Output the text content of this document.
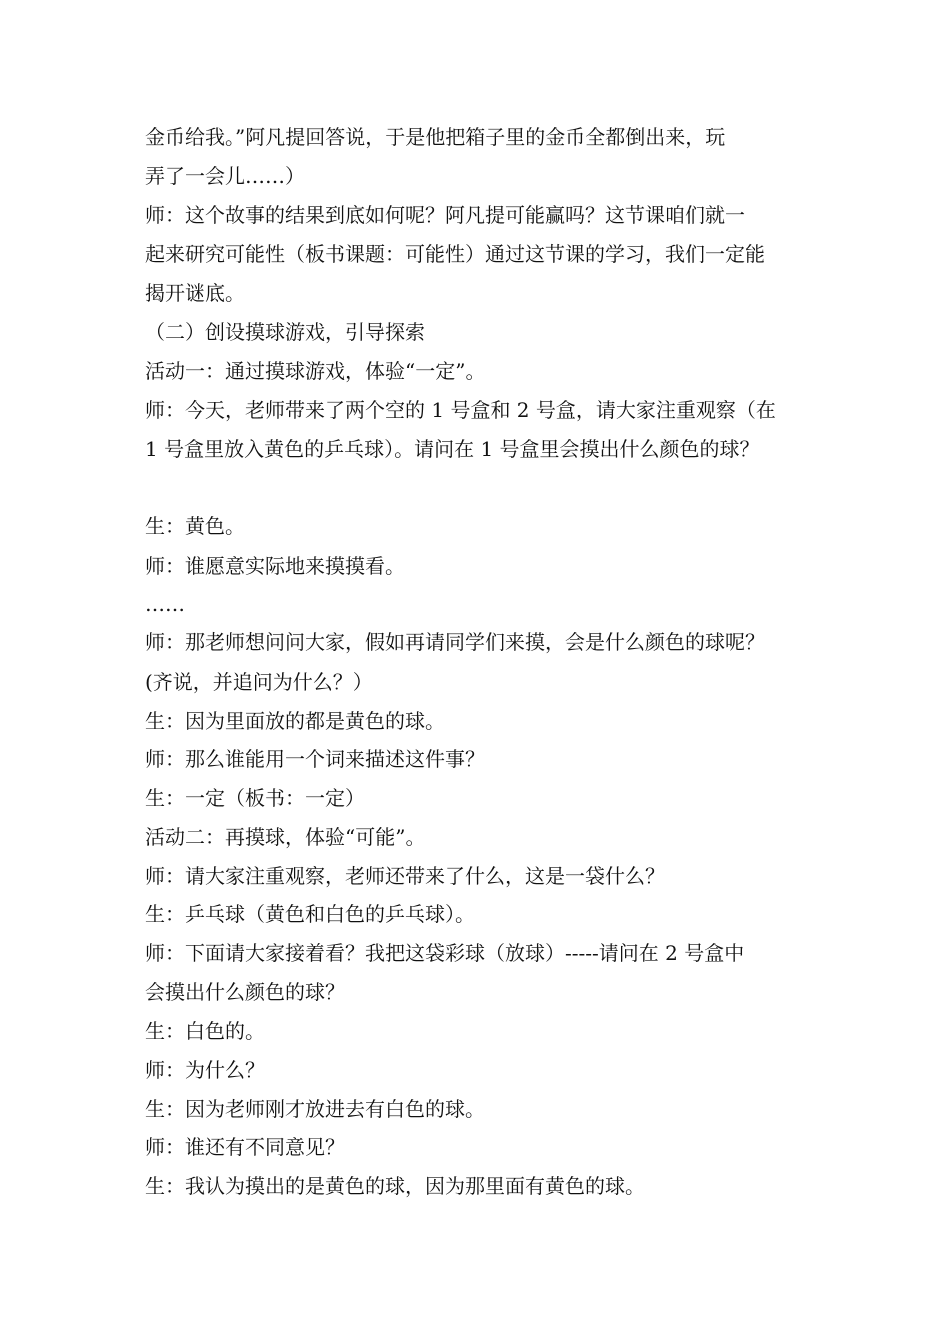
金币给我。”阿凡提回答说，于是他把箱子里的金币全都倒出来，玩
弄了一会儿……）
师：这个故事的结果到底如何呢？阿凡提可能赢吗？这节课咱们就一
起来研究可能性（板书课题：可能性）通过这节课的学习，我们一定能
揭开谜底。
（二）创设摸球游戏，引导探索
活动一：通过摸球游戏，体验“一定”。
师：今天，老师带来了两个空的 1 号盒和 2 号盒，请大家注重观察（在
1 号盒里放入黄色的乒乓球）。请问在 1 号盒里会摸出什么颜色的球？
生：黄色。
师：谁愿意实际地来摸摸看。
……
师：那老师想问问大家，假如再请同学们来摸，会是什么颜色的球呢？
(齐说，并追问为什么？）
生：因为里面放的都是黄色的球。
师：那么谁能用一个词来描述这件事？
生：一定（板书：一定）
活动二：再摸球，体验“可能”。
师：请大家注重观察，老师还带来了什么，这是一袋什么？
生：乒乓球（黄色和白色的乒乓球）。
师：下面请大家接着看？我把这袋彩球（放球）-----请问在 2 号盒中
会摸出什么颜色的球？
生：白色的。
师：为什么？
生：因为老师刚才放进去有白色的球。
师：谁还有不同意见？
生：我认为摸出的是黄色的球，因为那里面有黄色的球。
